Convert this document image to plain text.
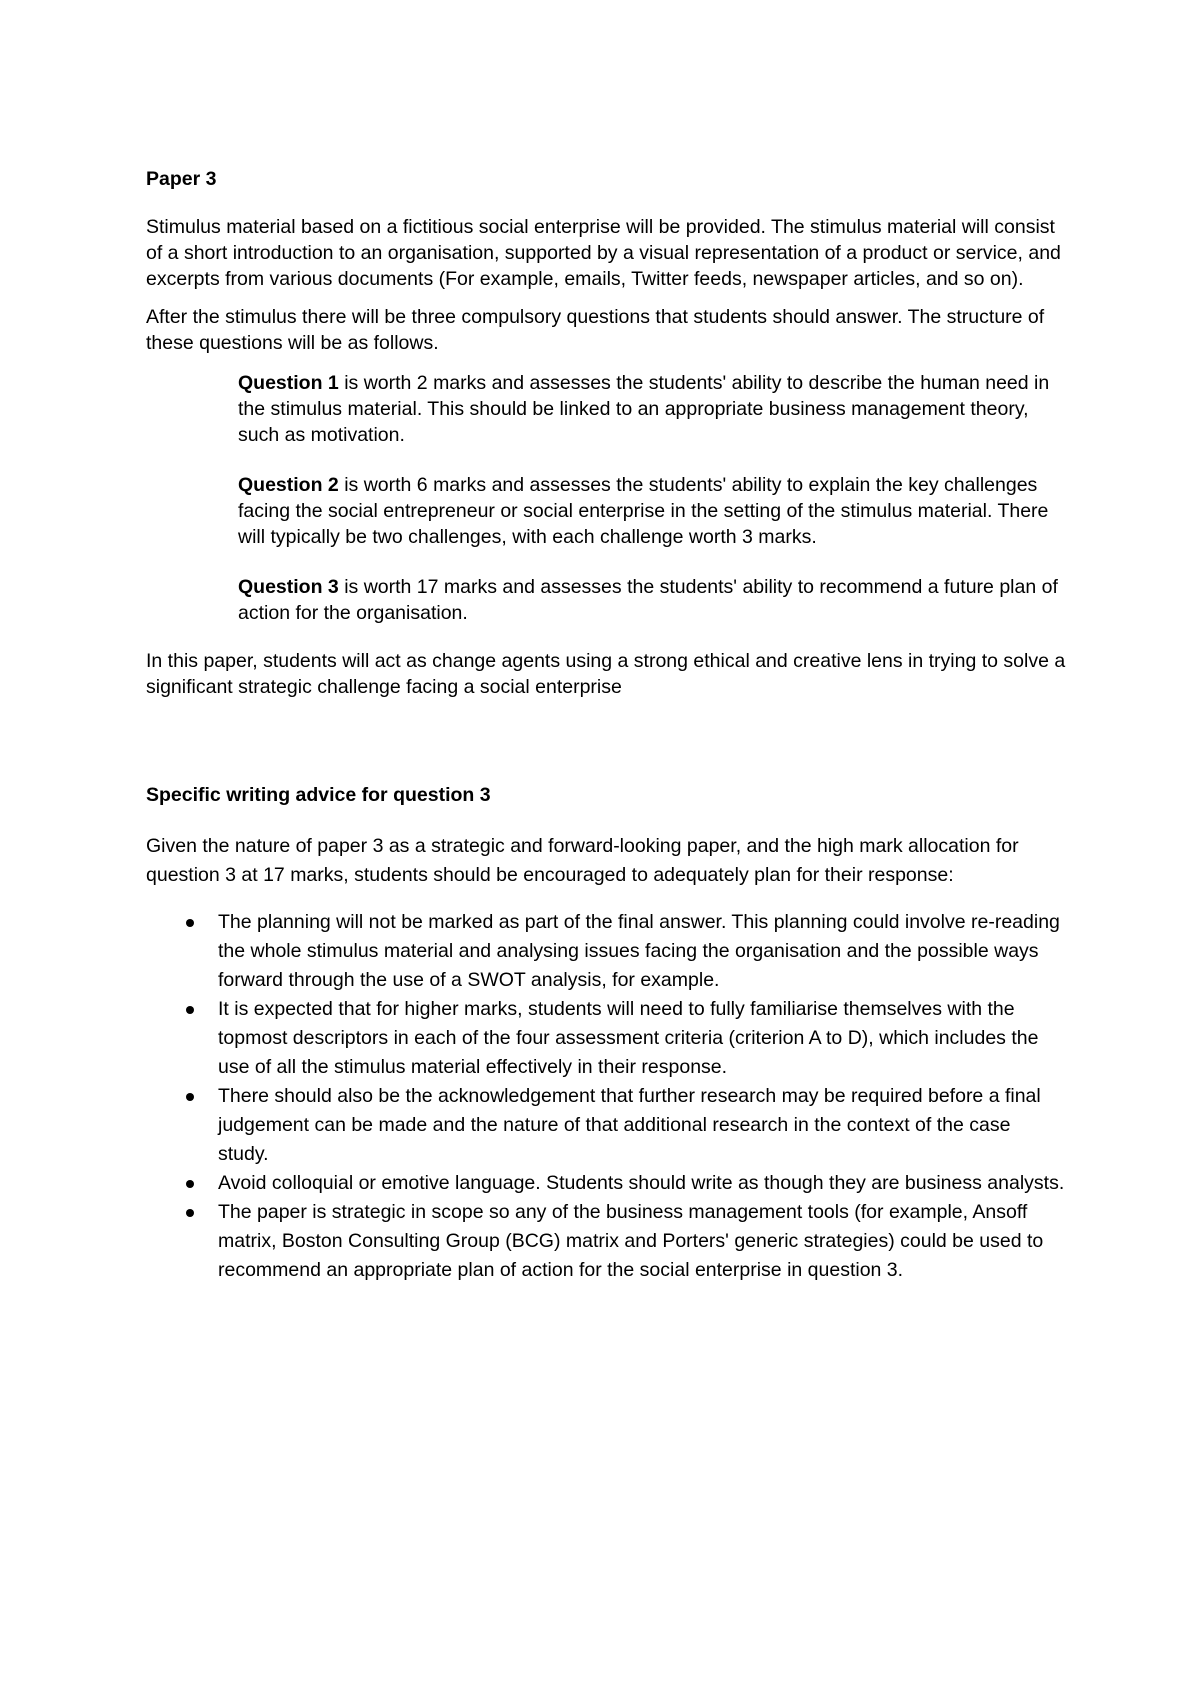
Paper 3

Stimulus material based on a fictitious social enterprise will be provided. The stimulus material will consist of a short introduction to an organisation, supported by a visual representation of a product or service, and excerpts from various documents (For example, emails, Twitter feeds, newspaper articles, and so on).

After the stimulus there will be three compulsory questions that students should answer. The structure of these questions will be as follows.

Question 1 is worth 2 marks and assesses the students' ability to describe the human need in the stimulus material. This should be linked to an appropriate business management theory, such as motivation.

Question 2 is worth 6 marks and assesses the students' ability to explain the key challenges facing the social entrepreneur or social enterprise in the setting of the stimulus material. There will typically be two challenges, with each challenge worth 3 marks.

Question 3 is worth 17 marks and assesses the students' ability to recommend a future plan of action for the organisation.

In this paper, students will act as change agents using a strong ethical and creative lens in trying to solve a significant strategic challenge facing a social enterprise

Specific writing advice for question 3

Given the nature of paper 3 as a strategic and forward-looking paper, and the high mark allocation for question 3 at 17 marks, students should be encouraged to adequately plan for their response:

The planning will not be marked as part of the final answer. This planning could involve re-reading the whole stimulus material and analysing issues facing the organisation and the possible ways forward through the use of a SWOT analysis, for example.
It is expected that for higher marks, students will need to fully familiarise themselves with the topmost descriptors in each of the four assessment criteria (criterion A to D), which includes the use of all the stimulus material effectively in their response.
There should also be the acknowledgement that further research may be required before a final judgement can be made and the nature of that additional research in the context of the case study.
Avoid colloquial or emotive language. Students should write as though they are business analysts.
The paper is strategic in scope so any of the business management tools (for example, Ansoff matrix, Boston Consulting Group (BCG) matrix and Porters' generic strategies) could be used to recommend an appropriate plan of action for the social enterprise in question 3.
